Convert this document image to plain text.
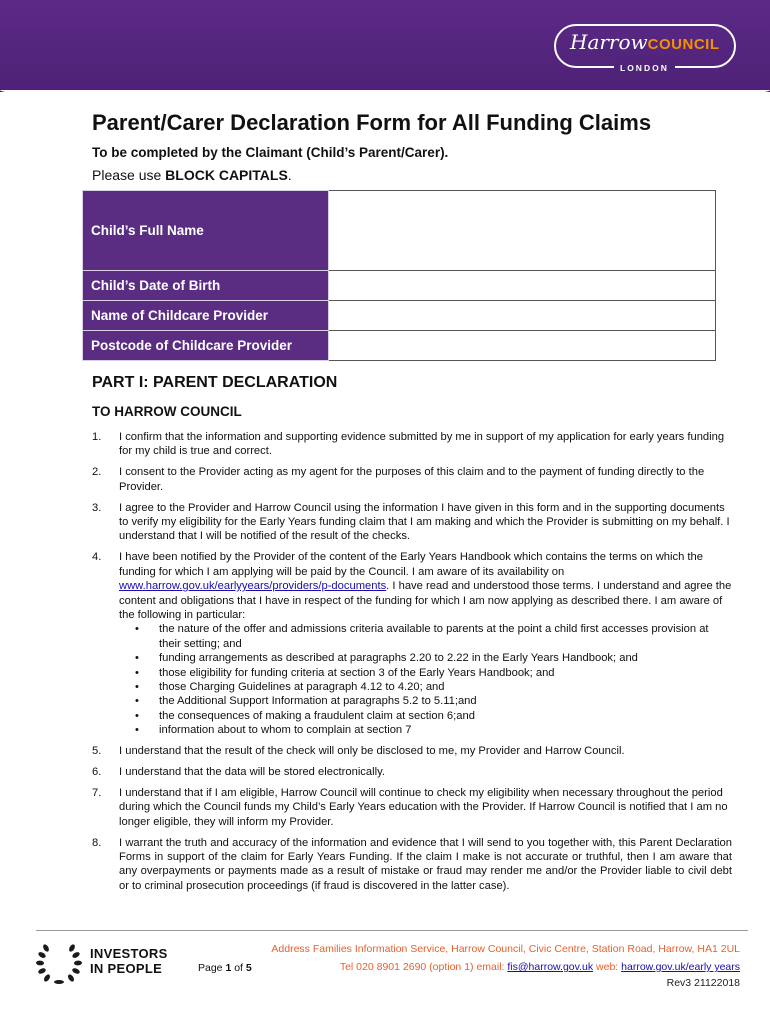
HarrowCOUNCIL
LONDON
Parent/Carer Declaration Form for All Funding Claims
To be completed by the Claimant (Child’s Parent/Carer).
Please use BLOCK CAPITALS.
Child’s Full Name	
Child’s Date of Birth	
Name of Childcare Provider	
Postcode of Childcare Provider	
PART I: PARENT DECLARATION
TO HARROW COUNCIL
1. I confirm that the information and supporting evidence submitted by me in support of my application for early years funding for my child is true and correct.
2. I consent to the Provider acting as my agent for the purposes of this claim and to the payment of funding directly to the Provider.
3. I agree to the Provider and Harrow Council using the information I have given in this form and in the supporting documents to verify my eligibility for the Early Years funding claim that I am making and which the Provider is submitting on my behalf. I understand that I will be notified of the result of the checks.
4. I have been notified by the Provider of the content of the Early Years Handbook which contains the terms on which the funding for which I am applying will be paid by the Council. I am aware of its availability on www.harrow.gov.uk/earlyyears/providers/p-documents. I have read and understood those terms. I understand and agree the content and obligations that I have in respect of the funding for which I am now applying as described there. I am aware of the following in particular:
• the nature of the offer and admissions criteria available to parents at the point a child first accesses provision at their setting; and
• funding arrangements as described at paragraphs 2.20 to 2.22 in the Early Years Handbook; and
• those eligibility for funding criteria at section 3 of the Early Years Handbook; and
• those Charging Guidelines at paragraph 4.12 to 4.20; and
• the Additional Support Information at paragraphs 5.2 to 5.11;and
• the consequences of making a fraudulent claim at section 6;and
• information about to whom to complain at section 7
5. I understand that the result of the check will only be disclosed to me, my Provider and Harrow Council.
6. I understand that the data will be stored electronically.
7. I understand that if I am eligible, Harrow Council will continue to check my eligibility when necessary throughout the period during which the Council funds my Child’s Early Years education with the Provider. If Harrow Council is notified that I am no longer eligible, they will inform my Provider.
8. I warrant the truth and accuracy of the information and evidence that I will send to you together with, this Parent Declaration Forms in support of the claim for Early Years Funding. If the claim I make is not accurate or truthful, then I am aware that any overpayments or payments made as a result of mistake or fraud may render me and/or the Provider liable to civil debt or to criminal prosecution proceedings (if fraud is discovered in the latter case).
INVESTORS
IN PEOPLE	Page 1 of 5
Address Families Information Service, Harrow Council, Civic Centre, Station Road, Harrow, HA1 2UL
Tel 020 8901 2690 (option 1) email: fis@harrow.gov.uk web: harrow.gov.uk/early years
Rev3 21122018
